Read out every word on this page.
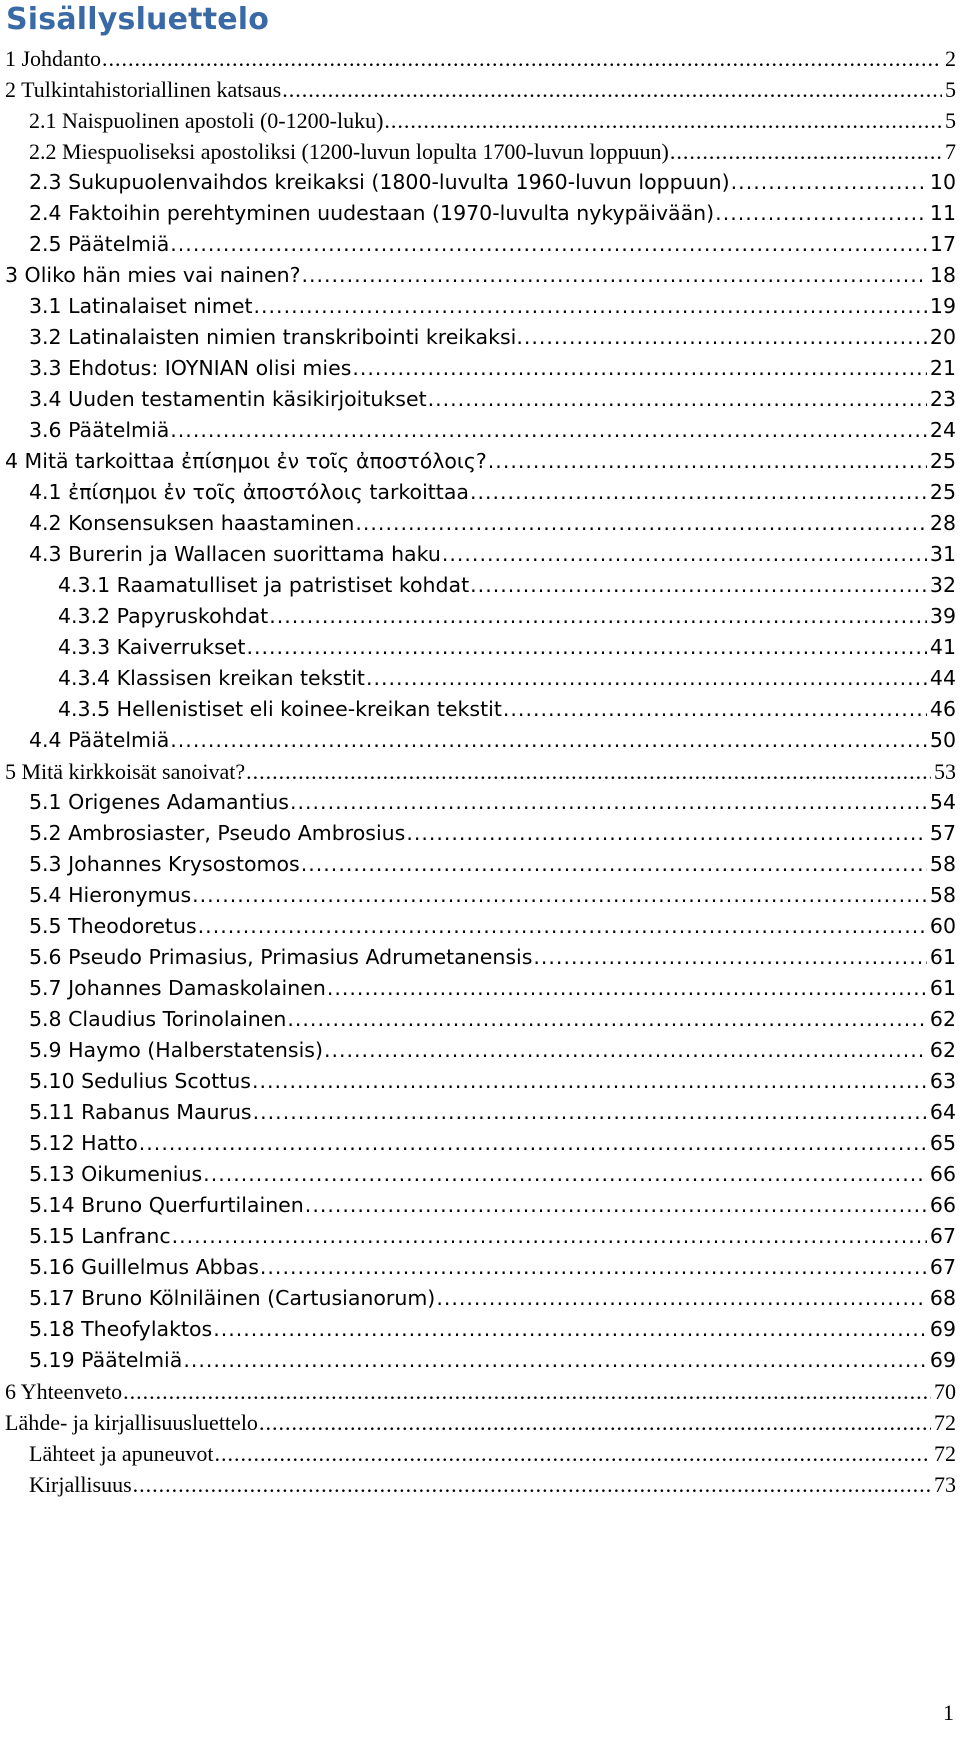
Sisällysluettelo
1 Johdanto .....	2
2 Tulkintahistoriallinen katsaus .....	5
2.1 Naispuolinen apostoli (0-1200-luku) .....	5
2.2 Miespuoliseksi apostoliksi (1200-luvun lopulta 1700-luvun loppuun) .....	7
2.3 Sukupuolenvaihdos kreikaksi (1800-luvulta 1960-luvun loppuun) .....	10
2.4 Faktoihin perehtyminen uudestaan (1970-luvulta nykypäivään) .....	11
2.5 Päätelmiä .....	17
3 Oliko hän mies vai nainen? .....	18
3.1 Latinalaiset nimet .....	19
3.2 Latinalaisten nimien transkribointi kreikaksi. .....	20
3.3 Ehdotus: IOYNIAN olisi mies .....	21
3.4 Uuden testamentin käsikirjoitukset .....	23
3.6 Päätelmiä .....	24
4 Mitä tarkoittaa ἐπίσημοι ἐν τοῖς ἀποστόλοις? .....	25
4.1 ἐπίσημοι ἐν τοῖς ἀποστόλοις tarkoittaa .....	25
4.2 Konsensuksen haastaminen .....	28
4.3 Burerin ja Wallacen suorittama haku .....	31
4.3.1 Raamatulliset ja patristiset kohdat .....	32
4.3.2 Papyruskohdat .....	39
4.3.3 Kaiverrukset .....	41
4.3.4 Klassisen kreikan tekstit .....	44
4.3.5 Hellenistiset eli koinee-kreikan tekstit .....	46
4.4 Päätelmiä .....	50
5 Mitä kirkkoisät sanoivat? .....	53
5.1 Origenes Adamantius .....	54
5.2 Ambrosiaster, Pseudo Ambrosius .....	57
5.3 Johannes Krysostomos .....	58
5.4 Hieronymus .....	58
5.5 Theodoretus .....	60
5.6 Pseudo Primasius, Primasius Adrumetanensis .....	61
5.7 Johannes Damaskolainen .....	61
5.8 Claudius Torinolainen .....	62
5.9 Haymo (Halberstatensis) .....	62
5.10 Sedulius Scottus .....	63
5.11 Rabanus Maurus .....	64
5.12 Hatto .....	65
5.13 Oikumenius .....	66
5.14 Bruno Querfurtilainen .....	66
5.15 Lanfranc .....	67
5.16 Guillelmus Abbas .....	67
5.17 Bruno Kölniläinen (Cartusianorum) .....	68
5.18 Theofylaktos .....	69
5.19 Päätelmiä .....	69
6 Yhteenveto .....	70
Lähde- ja kirjallisuusluettelo .....	72
Lähteet ja apuneuvot .....	72
Kirjallisuus .....	73
1
